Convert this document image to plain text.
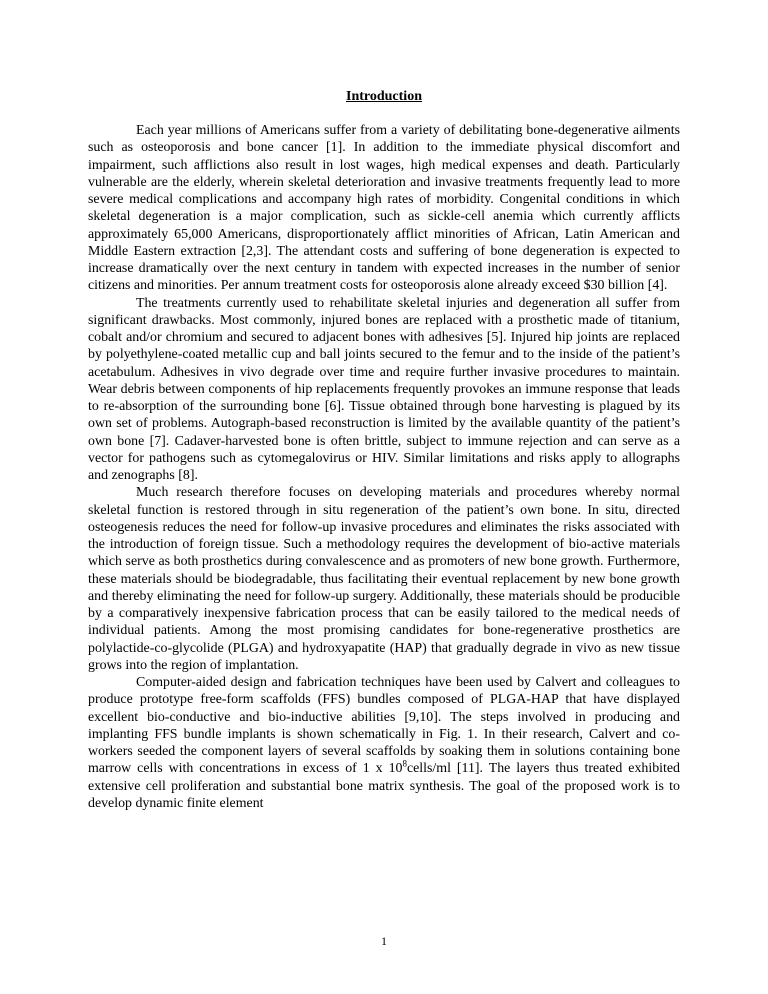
Introduction

Each year millions of Americans suffer from a variety of debilitating bone-degenerative ailments such as osteoporosis and bone cancer [1]. In addition to the immediate physical discomfort and impairment, such afflictions also result in lost wages, high medical expenses and death. Particularly vulnerable are the elderly, wherein skeletal deterioration and invasive treatments frequently lead to more severe medical complications and accompany high rates of morbidity. Congenital conditions in which skeletal degeneration is a major complication, such as sickle-cell anemia which currently afflicts approximately 65,000 Americans, disproportionately afflict minorities of African, Latin American and Middle Eastern extraction [2,3]. The attendant costs and suffering of bone degeneration is expected to increase dramatically over the next century in tandem with expected increases in the number of senior citizens and minorities. Per annum treatment costs for osteoporosis alone already exceed $30 billion [4].

The treatments currently used to rehabilitate skeletal injuries and degeneration all suffer from significant drawbacks. Most commonly, injured bones are replaced with a prosthetic made of titanium, cobalt and/or chromium and secured to adjacent bones with adhesives [5]. Injured hip joints are replaced by polyethylene-coated metallic cup and ball joints secured to the femur and to the inside of the patient’s acetabulum. Adhesives in vivo degrade over time and require further invasive procedures to maintain. Wear debris between components of hip replacements frequently provokes an immune response that leads to re-absorption of the surrounding bone [6]. Tissue obtained through bone harvesting is plagued by its own set of problems. Autograph-based reconstruction is limited by the available quantity of the patient’s own bone [7]. Cadaver-harvested bone is often brittle, subject to immune rejection and can serve as a vector for pathogens such as cytomegalovirus or HIV. Similar limitations and risks apply to allographs and zenographs [8].

Much research therefore focuses on developing materials and procedures whereby normal skeletal function is restored through in situ regeneration of the patient’s own bone. In situ, directed osteogenesis reduces the need for follow-up invasive procedures and eliminates the risks associated with the introduction of foreign tissue. Such a methodology requires the development of bio-active materials which serve as both prosthetics during convalescence and as promoters of new bone growth. Furthermore, these materials should be biodegradable, thus facilitating their eventual replacement by new bone growth and thereby eliminating the need for follow-up surgery. Additionally, these materials should be producible by a comparatively inexpensive fabrication process that can be easily tailored to the medical needs of individual patients. Among the most promising candidates for bone-regenerative prosthetics are polylactide-co-glycolide (PLGA) and hydroxyapatite (HAP) that gradually degrade in vivo as new tissue grows into the region of implantation.

Computer-aided design and fabrication techniques have been used by Calvert and colleagues to produce prototype free-form scaffolds (FFS) bundles composed of PLGA-HAP that have displayed excellent bio-conductive and bio-inductive abilities [9,10]. The steps involved in producing and implanting FFS bundle implants is shown schematically in Fig. 1. In their research, Calvert and co-workers seeded the component layers of several scaffolds by soaking them in solutions containing bone marrow cells with concentrations in excess of 1 x $10^8cells/ml$ [11]. The layers thus treated exhibited extensive cell proliferation and substantial bone matrix synthesis. The goal of the proposed work is to develop dynamic finite element

1
